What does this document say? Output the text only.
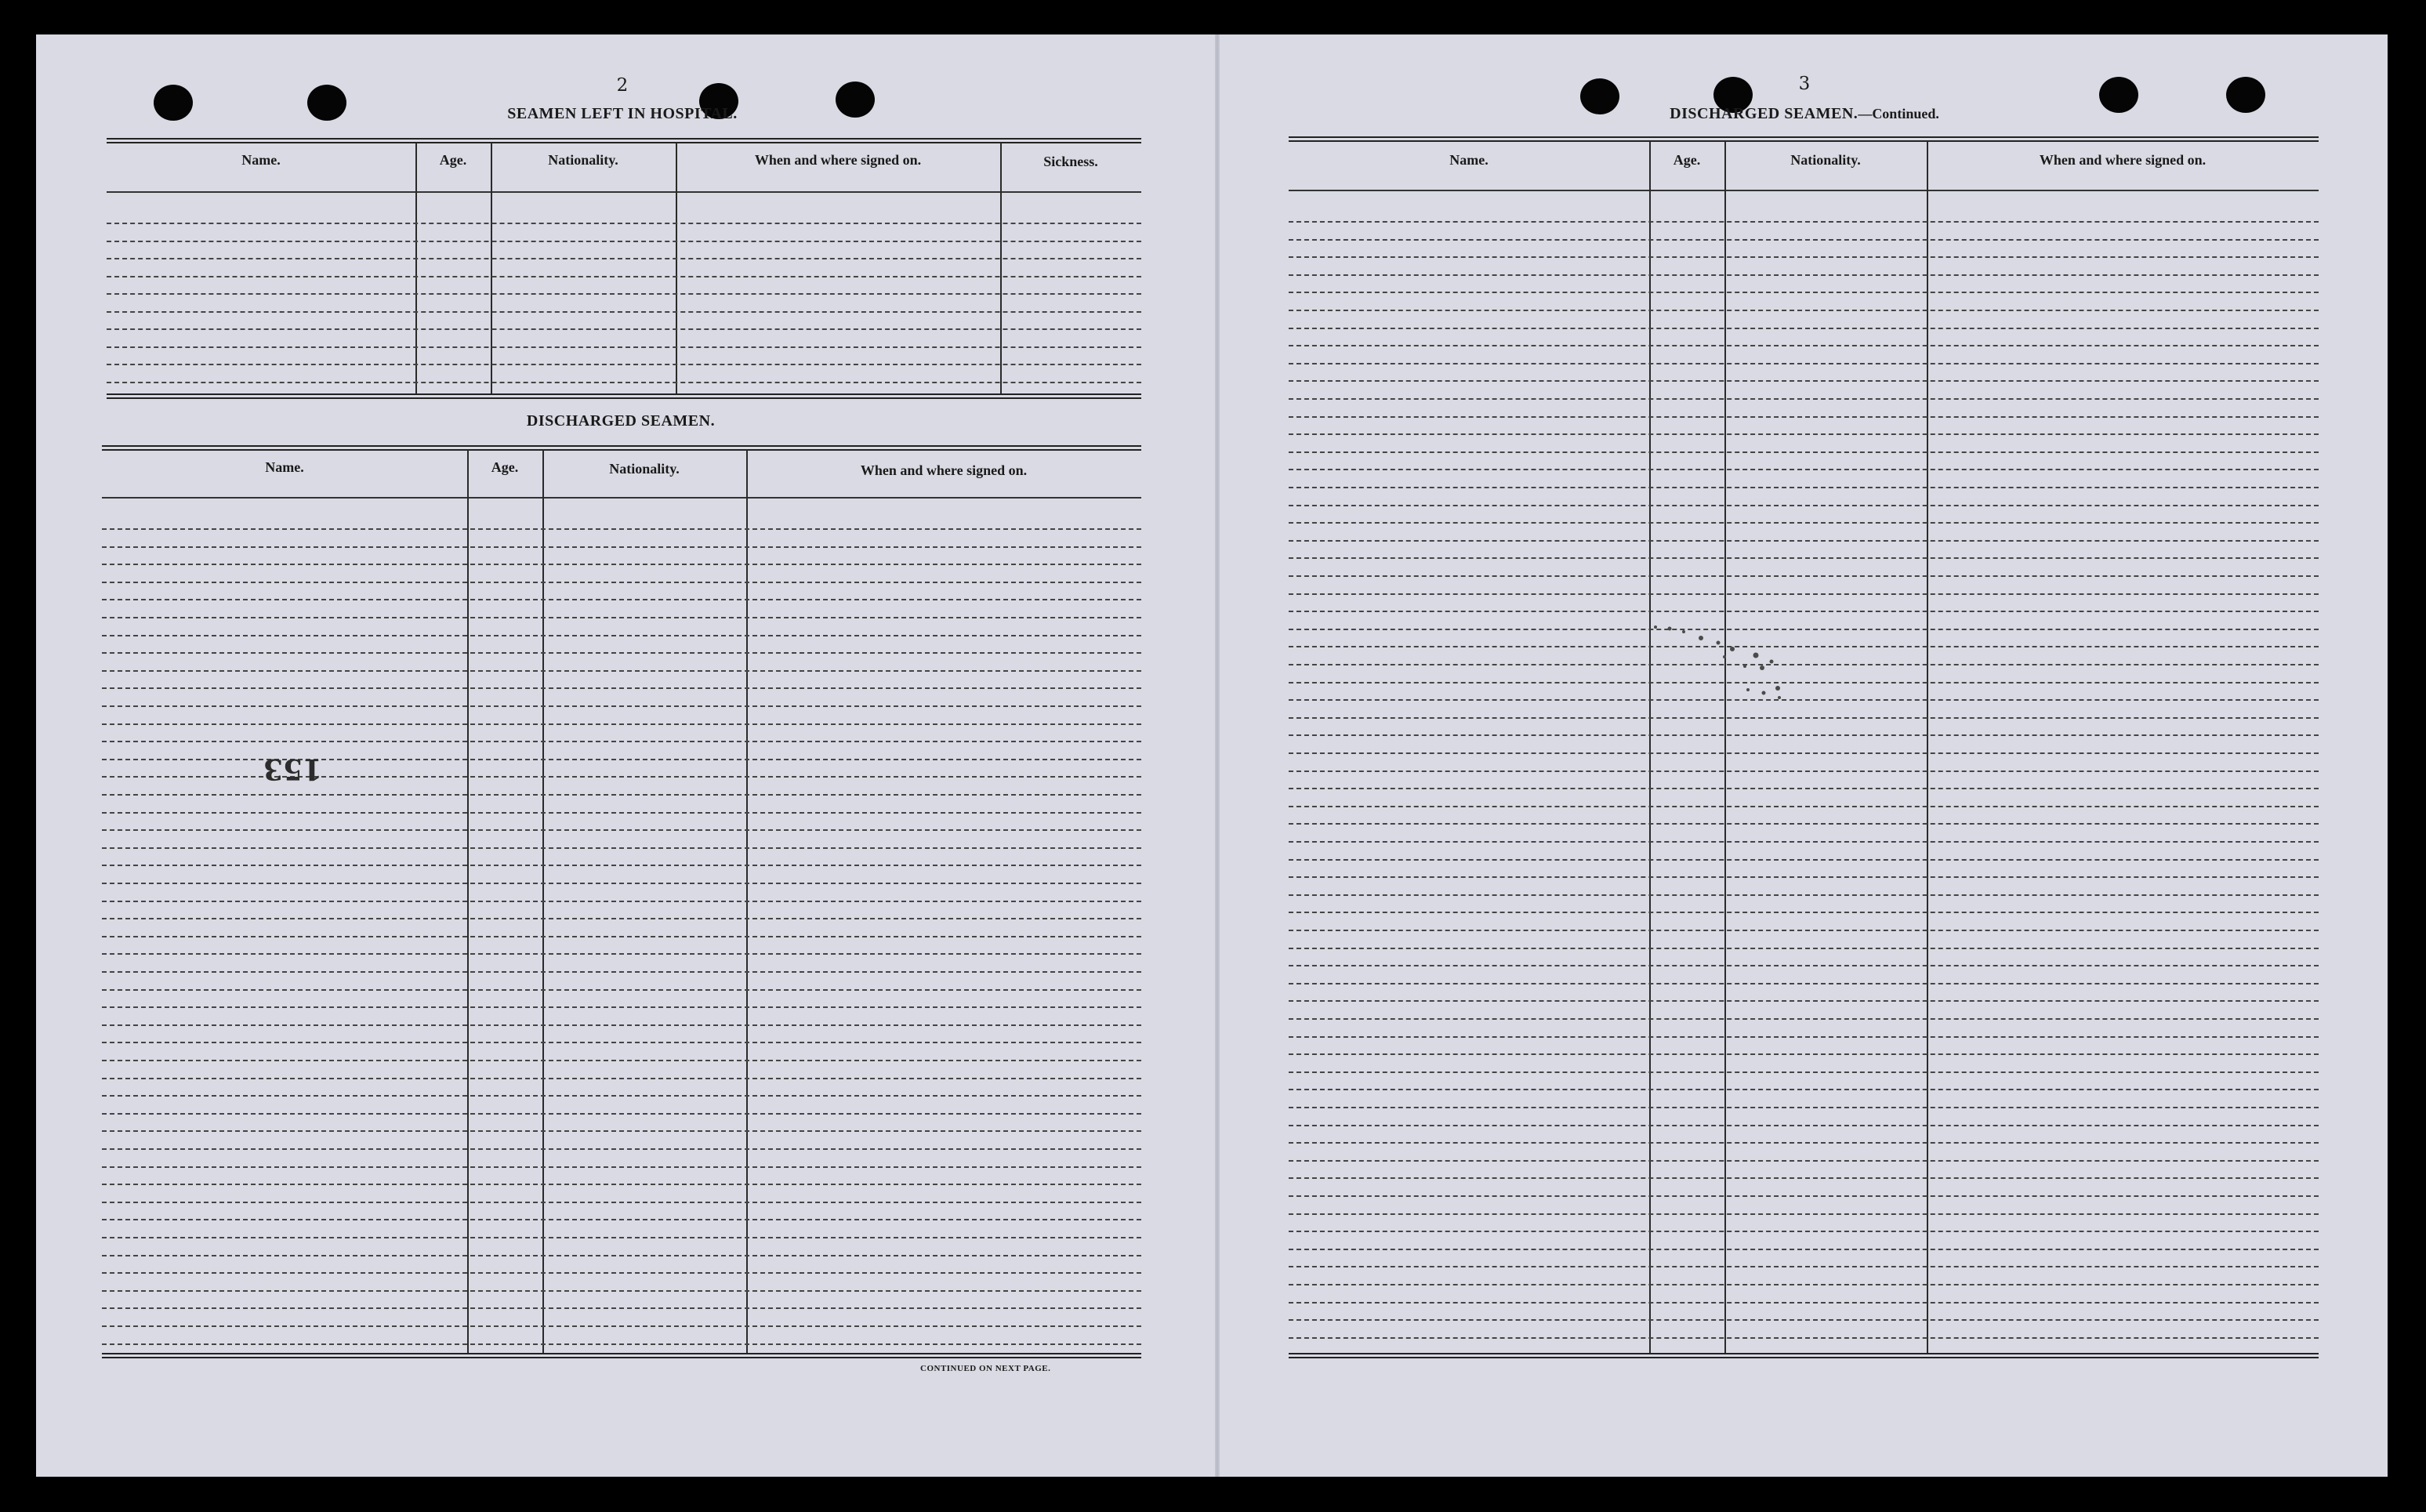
2
SEAMEN LEFT IN HOSPITAL.
Name.	Age.	Nationality.	When and where signed on.	Sickness.
DISCHARGED SEAMEN.
Name.	Age.	Nationality.	When and where signed on.
153
CONTINUED ON NEXT PAGE.
3
DISCHARGED SEAMEN.—Continued.
Name.	Age.	Nationality.	When and where signed on.
